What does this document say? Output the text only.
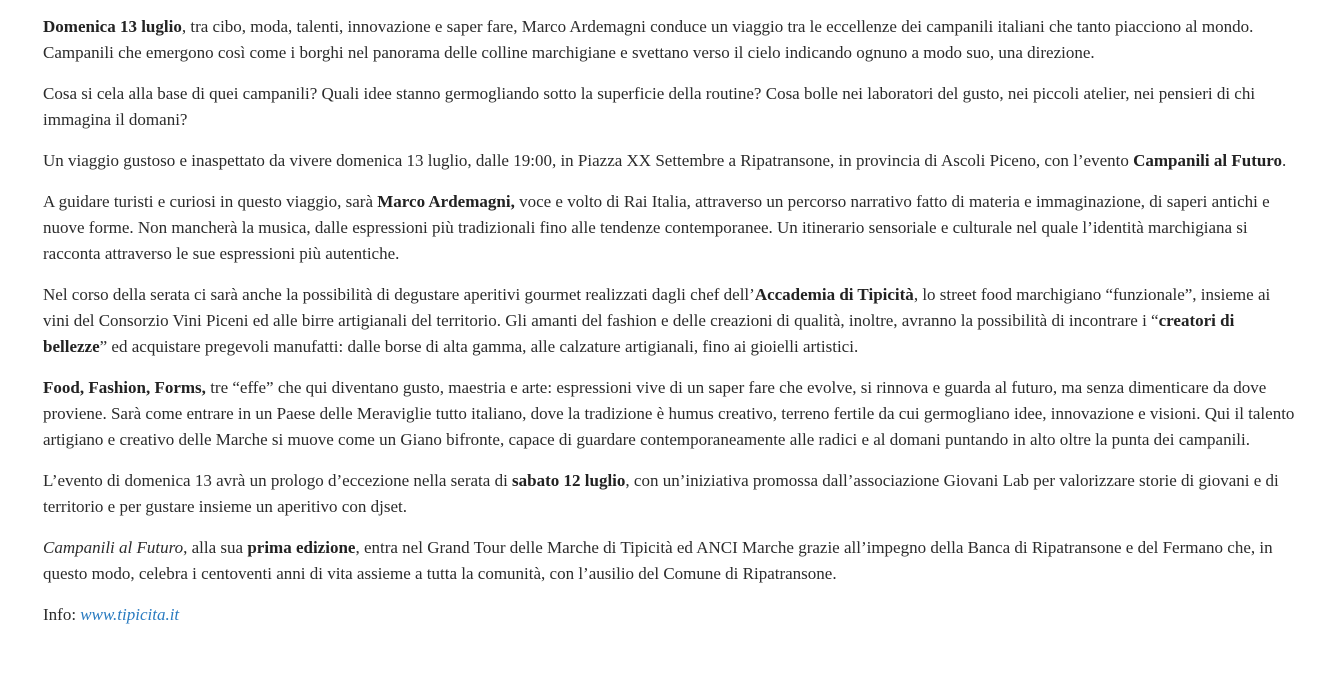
Domenica 13 luglio, tra cibo, moda, talenti, innovazione e saper fare, Marco Ardemagni conduce un viaggio tra le eccellenze dei campanili italiani che tanto piacciono al mondo. Campanili che emergono così come i borghi nel panorama delle colline marchigiane e svettano verso il cielo indicando ognuno a modo suo, una direzione.

Cosa si cela alla base di quei campanili? Quali idee stanno germogliando sotto la superficie della routine? Cosa bolle nei laboratori del gusto, nei piccoli atelier, nei pensieri di chi immagina il domani?

Un viaggio gustoso e inaspettato da vivere domenica 13 luglio, dalle 19:00, in Piazza XX Settembre a Ripatransone, in provincia di Ascoli Piceno, con l’evento Campanili al Futuro.

A guidare turisti e curiosi in questo viaggio, sarà Marco Ardemagni, voce e volto di Rai Italia, attraverso un percorso narrativo fatto di materia e immaginazione, di saperi antichi e nuove forme. Non mancherà la musica, dalle espressioni più tradizionali fino alle tendenze contemporanee. Un itinerario sensoriale e culturale nel quale l’identità marchigiana si racconta attraverso le sue espressioni più autentiche.

Nel corso della serata ci sarà anche la possibilità di degustare aperitivi gourmet realizzati dagli chef dell’Accademia di Tipicità, lo street food marchigiano “funzionale”, insieme ai vini del Consorzio Vini Piceni ed alle birre artigianali del territorio. Gli amanti del fashion e delle creazioni di qualità, inoltre, avranno la possibilità di incontrare i “creatori di bellezze” ed acquistare pregevoli manufatti: dalle borse di alta gamma, alle calzature artigianali, fino ai gioielli artistici.

Food, Fashion, Forms, tre “effe” che qui diventano gusto, maestria e arte: espressioni vive di un saper fare che evolve, si rinnova e guarda al futuro, ma senza dimenticare da dove proviene. Sarà come entrare in un Paese delle Meraviglie tutto italiano, dove la tradizione è humus creativo, terreno fertile da cui germogliano idee, innovazione e visioni. Qui il talento artigiano e creativo delle Marche si muove come un Giano bifronte, capace di guardare contemporaneamente alle radici e al domani puntando in alto oltre la punta dei campanili.

L’evento di domenica 13 avrà un prologo d’eccezione nella serata di sabato 12 luglio, con un’iniziativa promossa dall’associazione Giovani Lab per valorizzare storie di giovani e di territorio e per gustare insieme un aperitivo con djset.

Campanili al Futuro, alla sua prima edizione, entra nel Grand Tour delle Marche di Tipicità ed ANCI Marche grazie all’impegno della Banca di Ripatransone e del Fermano che, in questo modo, celebra i centoventi anni di vita assieme a tutta la comunità, con l’ausilio del Comune di Ripatransone.

Info: www.tipicita.it
